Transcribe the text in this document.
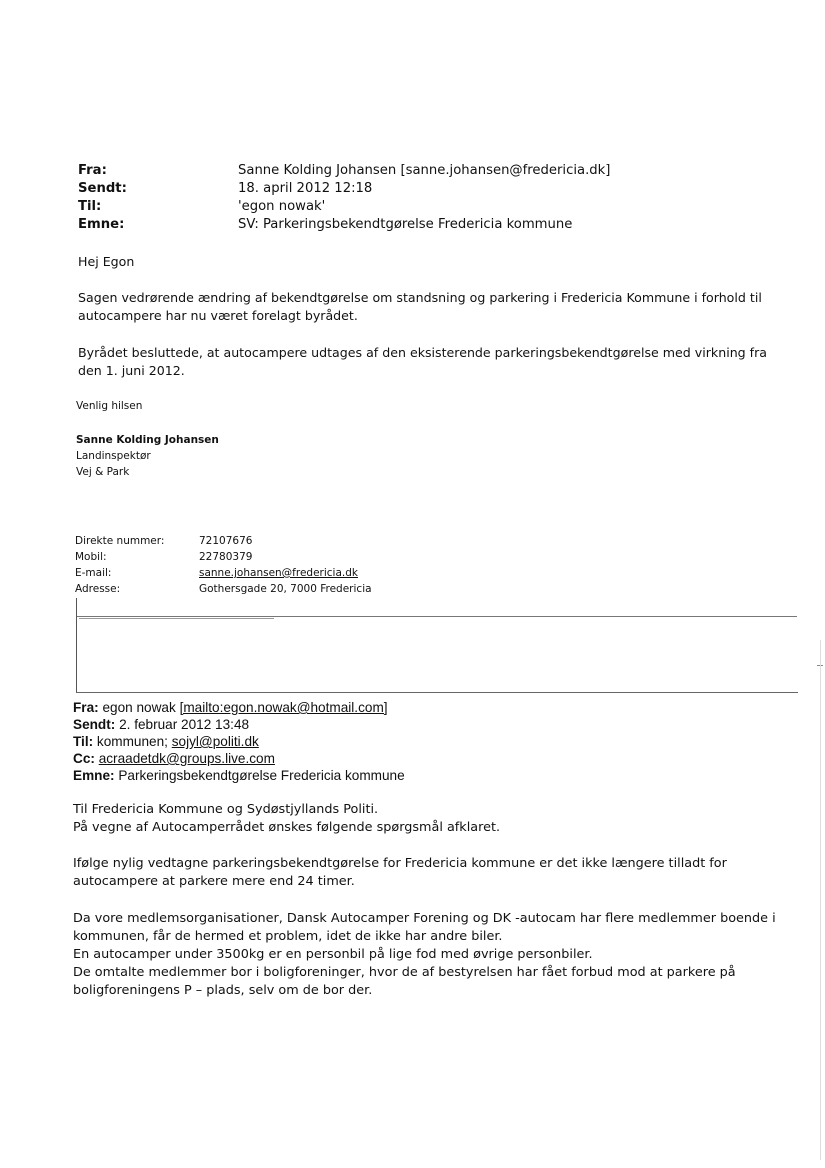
Fra:	Sanne Kolding Johansen [sanne.johansen@fredericia.dk]
Sendt:	18. april 2012 12:18
Til:	'egon nowak'
Emne:	SV: Parkeringsbekendtgørelse Fredericia kommune
Hej Egon
Sagen vedrørende ændring af bekendtgørelse om standsning og parkering i Fredericia Kommune i forhold til
autocampere har nu været forelagt byrådet.
Byrådet besluttede, at autocampere udtages af den eksisterende parkeringsbekendtgørelse med virkning fra
den 1. juni 2012.
Venlig hilsen
Sanne Kolding Johansen
Landinspektør
Vej & Park
Direkte nummer:	72107676
Mobil:	22780379
E-mail:	sanne.johansen@fredericia.dk
Adresse:	Gothersgade 20, 7000 Fredericia
Fra: egon nowak [mailto:egon.nowak@hotmail.com]
Sendt: 2. februar 2012 13:48
Til: kommunen; sojyl@politi.dk
Cc: acraadetdk@groups.live.com
Emne: Parkeringsbekendtgørelse Fredericia kommune
Til Fredericia Kommune og Sydøstjyllands Politi.
På vegne af Autocamperrådet ønskes følgende spørgsmål afklaret.
Ifølge nylig vedtagne parkeringsbekendtgørelse for Fredericia kommune er det ikke længere tilladt for
autocampere at parkere mere end 24 timer.
Da vore medlemsorganisationer, Dansk Autocamper Forening og DK -autocam har flere medlemmer boende i
kommunen, får de hermed et problem, idet de ikke har andre biler.
En autocamper under 3500kg er en personbil på lige fod med øvrige personbiler.
De omtalte medlemmer bor i boligforeninger, hvor de af bestyrelsen har fået forbud mod at parkere på
boligforeningens P – plads, selv om de bor der.
